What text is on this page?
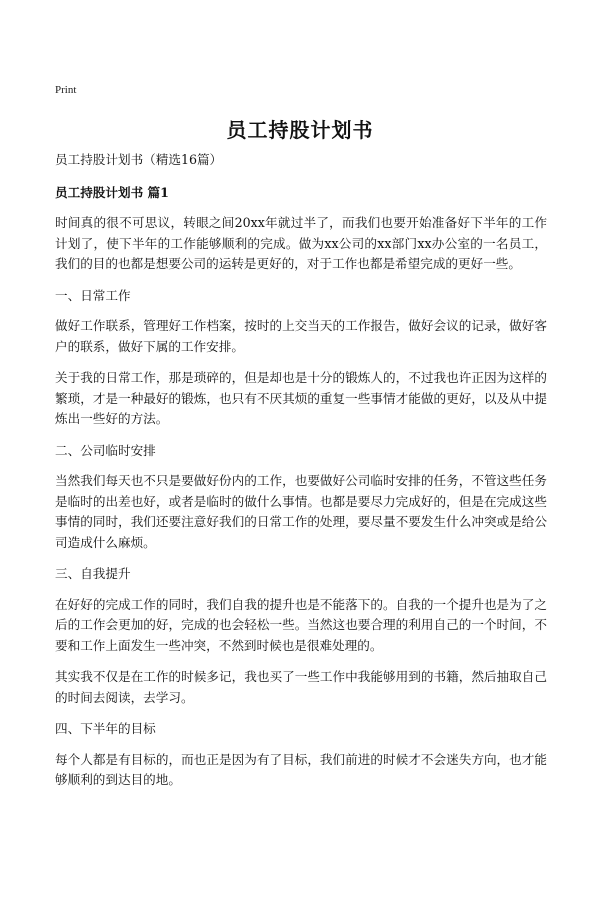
Print
员工持股计划书

员工持股计划书（精选16篇）

员工持股计划书 篇1

时间真的很不可思议，转眼之间20xx年就过半了，而我们也要开始准备好下半年的工作计划了，使下半年的工作能够顺利的完成。做为xx公司的xx部门xx办公室的一名员工，我们的目的也都是想要公司的运转是更好的，对于工作也都是希望完成的更好一些。

一、日常工作

做好工作联系，管理好工作档案，按时的上交当天的工作报告，做好会议的记录，做好客户的联系，做好下属的工作安排。

关于我的日常工作，那是琐碎的，但是却也是十分的锻炼人的，不过我也许正因为这样的繁琐，才是一种最好的锻炼，也只有不厌其烦的重复一些事情才能做的更好，以及从中提炼出一些好的方法。

二、公司临时安排

当然我们每天也不只是要做好份内的工作，也要做好公司临时安排的任务，不管这些任务是临时的出差也好，或者是临时的做什么事情。也都是要尽力完成好的，但是在完成这些事情的同时，我们还要注意好我们的日常工作的处理，要尽量不要发生什么冲突或是给公司造成什么麻烦。

三、自我提升

在好好的完成工作的同时，我们自我的提升也是不能落下的。自我的一个提升也是为了之后的工作会更加的好，完成的也会轻松一些。当然这也要合理的利用自己的一个时间，不要和工作上面发生一些冲突，不然到时候也是很难处理的。

其实我不仅是在工作的时候多记，我也买了一些工作中我能够用到的书籍，然后抽取自己的时间去阅读，去学习。

四、下半年的目标

每个人都是有目标的，而也正是因为有了目标，我们前进的时候才不会迷失方向，也才能够顺利的到达目的地。
